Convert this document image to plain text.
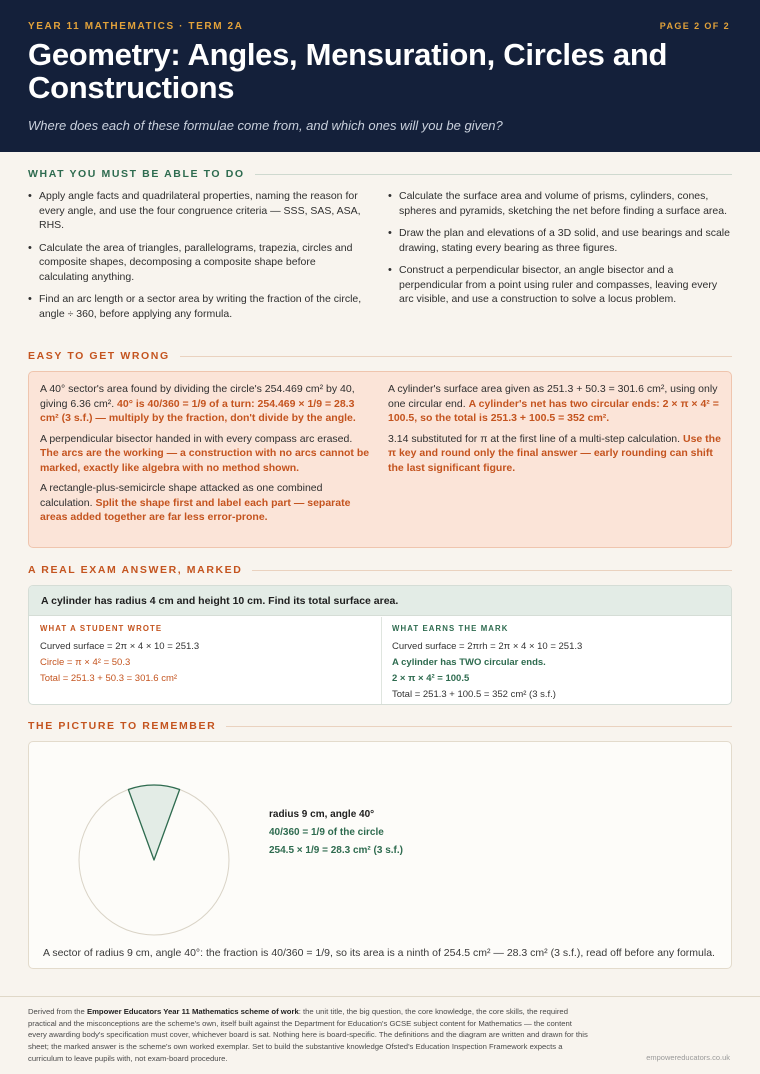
YEAR 11 MATHEMATICS · TERM 2A	PAGE 2 OF 2
Geometry: Angles, Mensuration, Circles and Constructions
Where does each of these formulae come from, and which ones will you be given?
WHAT YOU MUST BE ABLE TO DO
• Apply angle facts and quadrilateral properties, naming the reason for every angle, and use the four congruence criteria — SSS, SAS, ASA, RHS.
• Calculate the area of triangles, parallelograms, trapezia, circles and composite shapes, decomposing a composite shape before calculating anything.
• Find an arc length or a sector area by writing the fraction of the circle, angle ÷ 360, before applying any formula.
• Calculate the surface area and volume of prisms, cylinders, cones, spheres and pyramids, sketching the net before finding a surface area.
• Draw the plan and elevations of a 3D solid, and use bearings and scale drawing, stating every bearing as three figures.
• Construct a perpendicular bisector, an angle bisector and a perpendicular from a point using ruler and compasses, leaving every arc visible, and use a construction to solve a locus problem.
EASY TO GET WRONG

A 40° sector's area found by dividing the circle's 254.469 cm² by 40, giving 6.36 cm². 40° is 40/360 = 1/9 of a turn: 254.469 × 1/9 = 28.3 cm² (3 s.f.) — multiply by the fraction, don't divide by the angle.

A perpendicular bisector handed in with every compass arc erased. The arcs are the working — a construction with no arcs cannot be marked, exactly like algebra with no method shown.

A rectangle-plus-semicircle shape attacked as one combined calculation. Split the shape first and label each part — separate areas added together are far less error-prone.

A cylinder's surface area given as 251.3 + 50.3 = 301.6 cm², using only one circular end. A cylinder's net has two circular ends: 2 × π × 4² = 100.5, so the total is 251.3 + 100.5 = 352 cm².

3.14 substituted for π at the first line of a multi-step calculation. Use the π key and round only the final answer — early rounding can shift the last significant figure.

A REAL EXAM ANSWER, MARKED
A cylinder has radius 4 cm and height 10 cm. Find its total surface area.
WHAT A STUDENT WROTE
Curved surface = 2π × 4 × 10 = 251.3
Circle = π × 4² = 50.3
Total = 251.3 + 50.3 = 301.6 cm²
WHAT EARNS THE MARK
Curved surface = 2πrh = 2π × 4 × 10 = 251.3
A cylinder has TWO circular ends.
2 × π × 4² = 100.5
Total = 251.3 + 100.5 = 352 cm² (3 s.f.)
THE PICTURE TO REMEMBER
radius 9 cm, angle 40°
40/360 = 1/9 of the circle
254.5 × 1/9 = 28.3 cm² (3 s.f.)
A sector of radius 9 cm, angle 40°: the fraction is 40/360 = 1/9, so its area is a ninth of 254.5 cm² — 28.3 cm² (3 s.f.), read off before any formula.
Derived from the Empower Educators Year 11 Mathematics scheme of work: the unit title, the big question, the core knowledge, the core skills, the required practical and the misconceptions are the scheme's own, itself built against the Department for Education's GCSE subject content for Mathematics — the content every awarding body's specification must cover, whichever board is sat. Nothing here is board-specific. The definitions and the diagram are written and drawn for this sheet; the marked answer is the scheme's own worked exemplar. Set to build the substantive knowledge Ofsted's Education Inspection Framework expects a curriculum to leave pupils with, not exam-board procedure.	empowereducators.co.uk
